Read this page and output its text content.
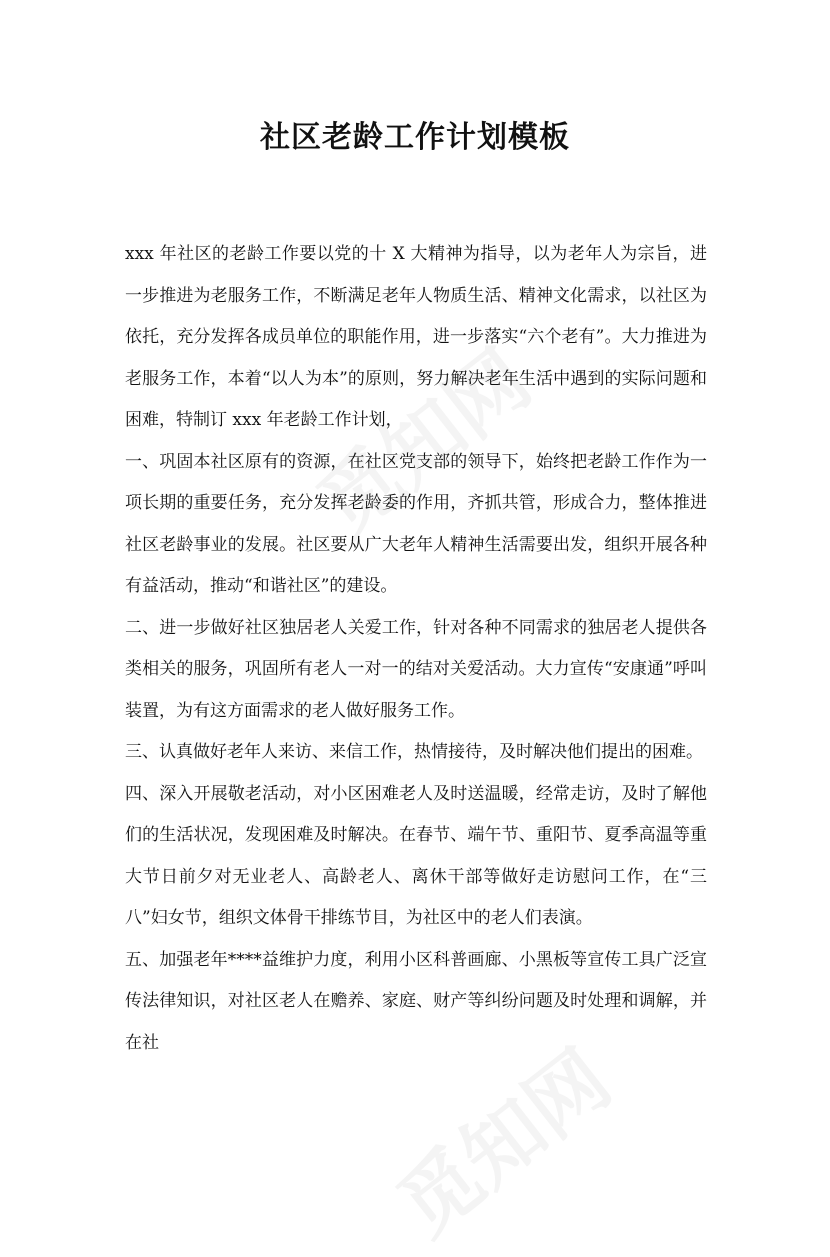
社区老龄工作计划模板

xxx 年社区的老龄工作要以党的十 X 大精神为指导，以为老年人为宗旨，进一步推进为老服务工作，不断满足老年人物质生活、精神文化需求，以社区为依托，充分发挥各成员单位的职能作用，进一步落实“六个老有”。大力推进为老服务工作，本着“以人为本”的原则，努力解决老年生活中遇到的实际问题和困难，特制订 xxx 年老龄工作计划，

一、巩固本社区原有的资源，在社区党支部的领导下，始终把老龄工作作为一项长期的重要任务，充分发挥老龄委的作用，齐抓共管，形成合力，整体推进社区老龄事业的发展。社区要从广大老年人精神生活需要出发，组织开展各种有益活动，推动“和谐社区”的建设。

二、进一步做好社区独居老人关爱工作，针对各种不同需求的独居老人提供各类相关的服务，巩固所有老人一对一的结对关爱活动。大力宣传“安康通”呼叫装置，为有这方面需求的老人做好服务工作。

三、认真做好老年人来访、来信工作，热情接待，及时解决他们提出的困难。

四、深入开展敬老活动，对小区困难老人及时送温暖，经常走访，及时了解他们的生活状况，发现困难及时解决。在春节、端午节、重阳节、夏季高温等重大节日前夕对无业老人、高龄老人、离休干部等做好走访慰问工作，在“三八”妇女节，组织文体骨干排练节目，为社区中的老人们表演。

五、加强老年****益维护力度，利用小区科普画廊、小黑板等宣传工具广泛宣传法律知识，对社区老人在赡养、家庭、财产等纠纷问题及时处理和调解，并在社
